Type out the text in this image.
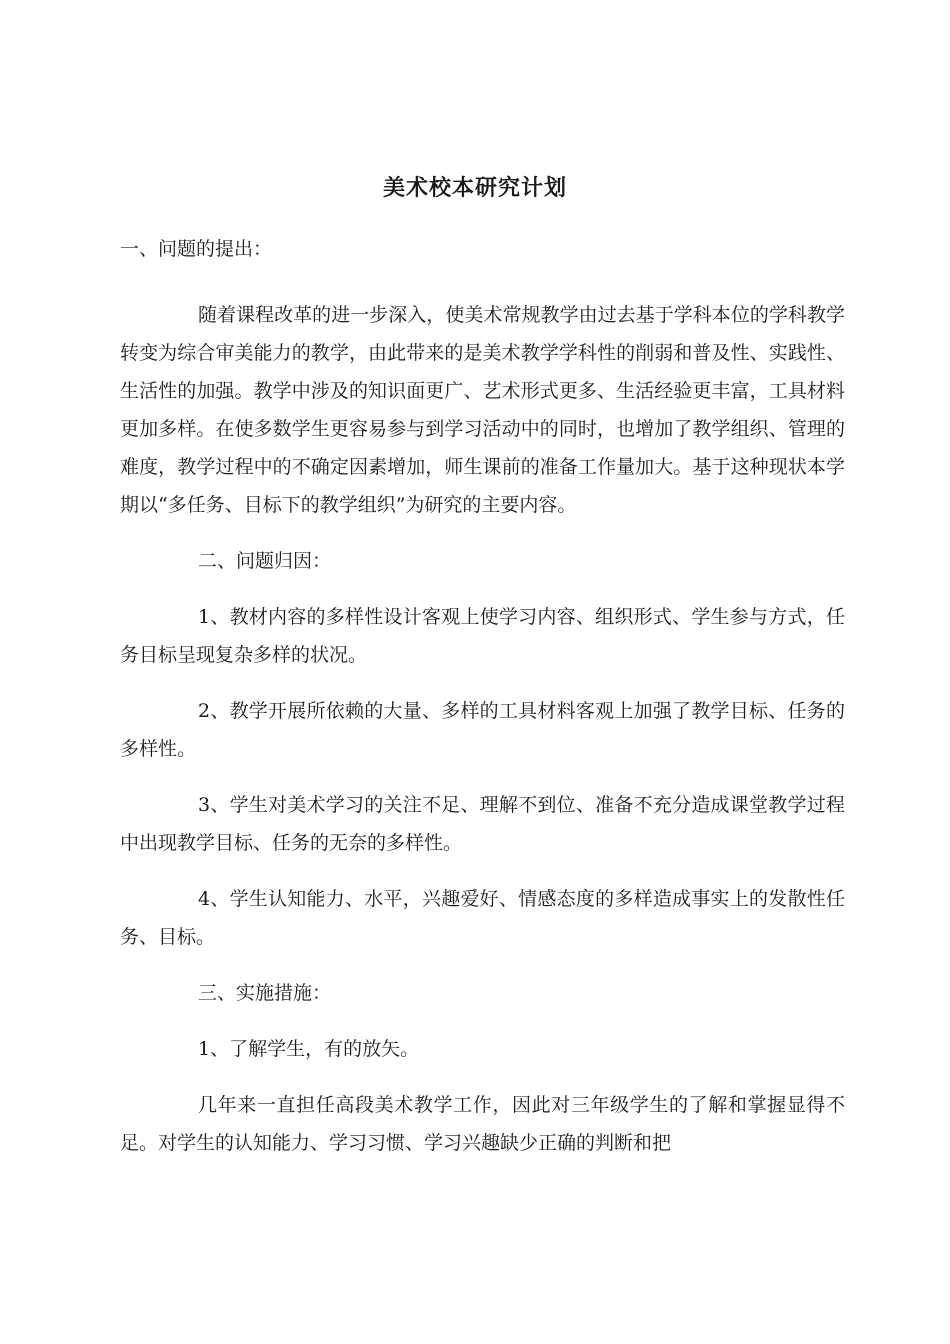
美术校本研究计划

一、问题的提出：

随着课程改革的进一步深入，使美术常规教学由过去基于学科本位的学科教学转变为综合审美能力的教学，由此带来的是美术教学学科性的削弱和普及性、实践性、生活性的加强。教学中涉及的知识面更广、艺术形式更多、生活经验更丰富，工具材料更加多样。在使多数学生更容易参与到学习活动中的同时，也增加了教学组织、管理的难度，教学过程中的不确定因素增加，师生课前的准备工作量加大。基于这种现状本学期以“多任务、目标下的教学组织”为研究的主要内容。

二、问题归因：

1、教材内容的多样性设计客观上使学习内容、组织形式、学生参与方式，任务目标呈现复杂多样的状况。

2、教学开展所依赖的大量、多样的工具材料客观上加强了教学目标、任务的多样性。

3、学生对美术学习的关注不足、理解不到位、准备不充分造成课堂教学过程中出现教学目标、任务的无奈的多样性。

4、学生认知能力、水平，兴趣爱好、情感态度的多样造成事实上的发散性任务、目标。

三、实施措施：

1、了解学生，有的放矢。

几年来一直担任高段美术教学工作，因此对三年级学生的了解和掌握显得不足。对学生的认知能力、学习习惯、学习兴趣缺少正确的判断和把
